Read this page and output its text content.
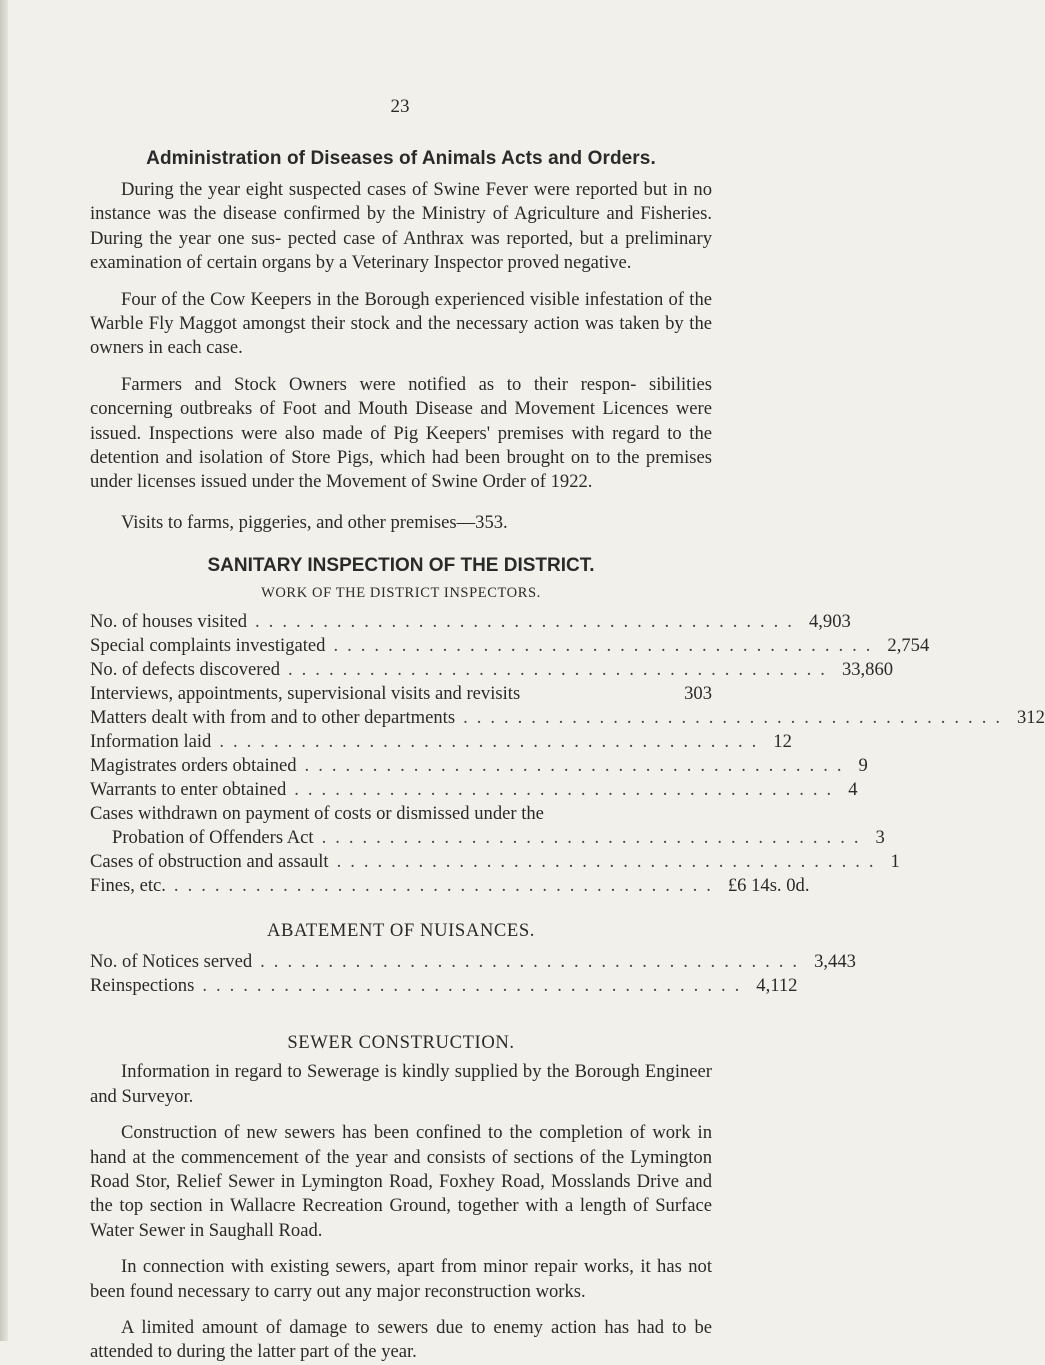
23
Administration of Diseases of Animals Acts and Orders.

During the year eight suspected cases of Swine Fever were reported but in no instance was the disease confirmed by the Ministry of Agriculture and Fisheries. During the year one sus- pected case of Anthrax was reported, but a preliminary examination of certain organs by a Veterinary Inspector proved negative.

Four of the Cow Keepers in the Borough experienced visible infestation of the Warble Fly Maggot amongst their stock and the necessary action was taken by the owners in each case.

Farmers and Stock Owners were notified as to their respon- sibilities concerning outbreaks of Foot and Mouth Disease and Movement Licences were issued. Inspections were also made of Pig Keepers' premises with regard to the detention and isolation of Store Pigs, which had been brought on to the premises under licenses issued under the Movement of Swine Order of 1922.

Visits to farms, piggeries, and other premises—353.

SANITARY INSPECTION OF THE DISTRICT.
WORK OF THE DISTRICT INSPECTORS.
No. of houses visited ........................................ 4,903
Special complaints investigated ........................................ 2,754
No. of defects discovered ........................................ 33,860
Interviews, appointments, supervisional visits and revisits	303
Matters dealt with from and to other departments ........................................ 312
Information laid ........................................ 12
Magistrates orders obtained ........................................ 9
Warrants to enter obtained ........................................ 4
Cases withdrawn on payment of costs or dismissed under the
Probation of Offenders Act ........................................ 3
Cases of obstruction and assault ........................................ 1
Fines, etc. ........................................ £6 14s. 0d.
ABATEMENT OF NUISANCES.
No. of Notices served ........................................ 3,443
Reinspections ........................................ 4,112
SEWER CONSTRUCTION.

Information in regard to Sewerage is kindly supplied by the Borough Engineer and Surveyor.

Construction of new sewers has been confined to the completion of work in hand at the commencement of the year and consists of sections of the Lymington Road Stor, Relief Sewer in Lymington Road, Foxhey Road, Mosslands Drive and the top section in Wallacre Recreation Ground, together with a length of Surface Water Sewer in Saughall Road.

In connection with existing sewers, apart from minor repair works, it has not been found necessary to carry out any major reconstruction works.

A limited amount of damage to sewers due to enemy action has had to be attended to during the latter part of the year.
